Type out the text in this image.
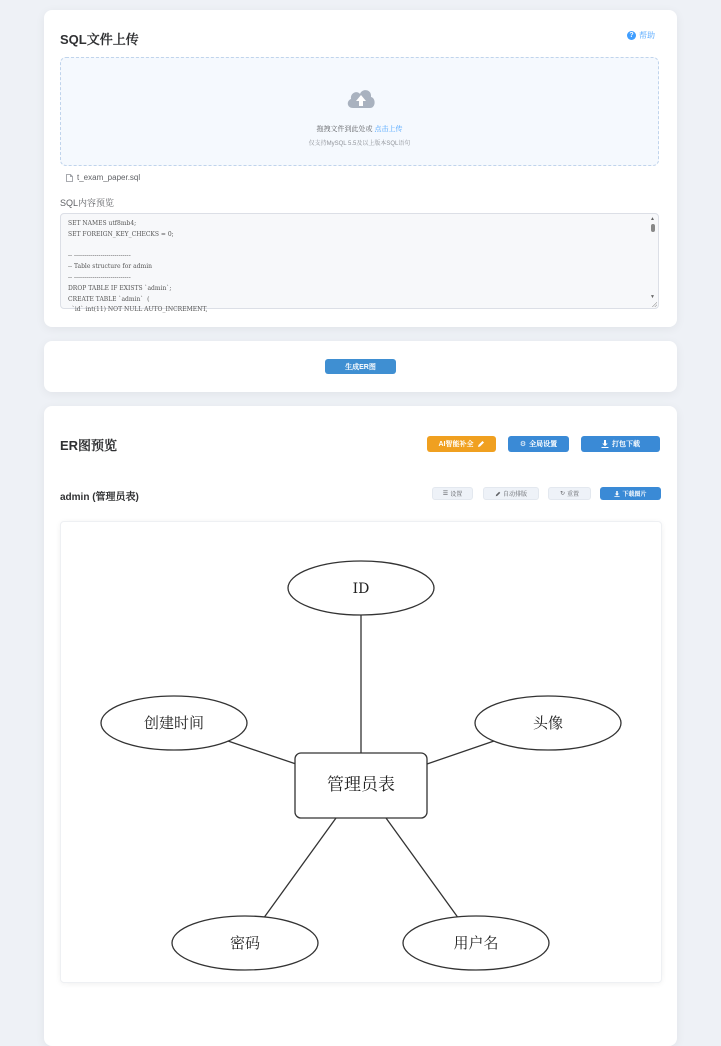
SQL文件上传	? 帮助
拖拽文件到此处或 点击上传
仅支持MySQL 5.5及以上版本SQL语句
t_exam_paper.sql
SQL内容预览
SET NAMES utf8mb4;
SET FOREIGN_KEY_CHECKS = 0;

-- ----------------------------
-- Table structure for admin
-- ----------------------------
DROP TABLE IF EXISTS `admin`;
CREATE TABLE `admin`  (
`id` int(11) NOT NULL AUTO_INCREMENT,
▲
▼
生成ER图
ER图预览	AI智能补全	⚙ 全局设置	打包下载
admin (管理员表)	☰ 设置	自动排版	↻ 重置	下载图片
管理员表
ID
头像
用户名
密码
创建时间
